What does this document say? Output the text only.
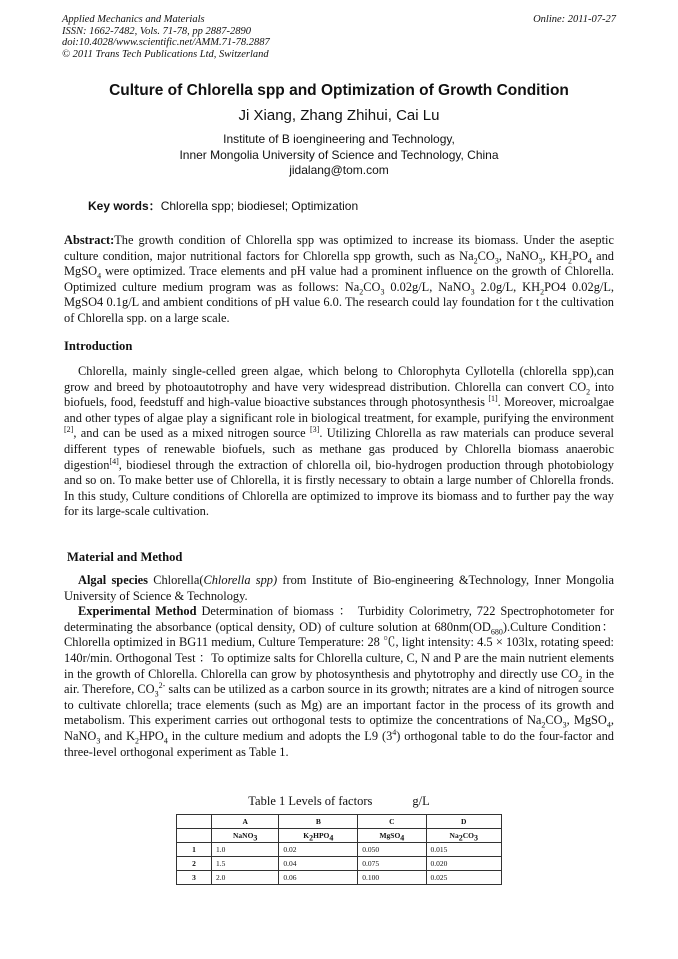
Applied Mechanics and Materials
ISSN: 1662-7482, Vols. 71-78, pp 2887-2890
doi:10.4028/www.scientific.net/AMM.71-78.2887
© 2011 Trans Tech Publications Ltd, Switzerland
Online: 2011-07-27
Culture of Chlorella spp and Optimization of Growth Condition
Ji Xiang, Zhang Zhihui, Cai Lu
Institute of B ioengineering and Technology,
Inner Mongolia University of Science and Technology, China
jidalang@tom.com
Key words：Chlorella spp; biodiesel; Optimization

Abstract:The growth condition of Chlorella spp was optimized to increase its biomass. Under the aseptic culture condition, major nutritional factors for Chlorella spp growth, such as $Na_2CO_3$, NaNO$_3$, $KH_2PO_4$ and MgSO$_4$ were optimized. Trace elements and pH value had a prominent influence on the growth of Chlorella. Optimized culture medium program was as follows: $Na_2CO_3$ 0.02g/L, NaNO$_3$ 2.0g/L, $KH_2PO4$ 0.02g/L, MgSO4 0.1g/L and ambient conditions of pH value 6.0. The research could lay foundation for t the cultivation of Chlorella spp. on a large scale.

Introduction

Chlorella, mainly single-celled green algae, which belong to Chlorophyta Cyllotella (chlorella spp),can grow and breed by photoautotrophy and have very widespread distribution. Chlorella can convert $CO_2$ into biofuels, food, feedstuff and high-value bioactive substances through photosynthesis [1]. Moreover, microalgae and other types of algae play a significant role in biological treatment, for example, purifying the environment [2], and can be used as a mixed nitrogen source [3]. Utilizing Chlorella as raw materials can produce several different types of renewable biofuels, such as methane gas produced by Chlorella biomass anaerobic digestion[4], biodiesel through the extraction of chlorella oil, bio-hydrogen production through photobiology and so on. To make better use of Chlorella, it is firstly necessary to obtain a large number of Chlorella fronds. In this study, Culture conditions of Chlorella are optimized to improve its biomass and to further pay the way for its large-scale cultivation.

Material and Method

Algal species Chlorella(Chlorella spp) from Institute of Bio-engineering &Technology, Inner Mongolia University of Science & Technology.

Experimental Method Determination of biomass ： Turbidity Colorimetry, 722 Spectrophotometer for determinating the absorbance (optical density, OD) of culture solution at $680nm(OD_{680}).Culture$ Condition：Chlorella optimized in BG11 medium, Culture Temperature: 28 ℃, light intensity: 4.5 × 103lx, rotating speed: 140r/min. Orthogonal Test ：To optimize salts for Chlorella culture, C, N and P are the main nutrient elements in the growth of Chlorella. Chlorella can grow by photosynthesis and phytotrophy and directly use $CO_2$ in the air. Therefore, $CO_3^{2-}$ salts can be utilized as a carbon source in its growth; nitrates are a kind of nitrogen source to cultivate chlorella; trace elements (such as Mg) are an important factor in the process of its growth and metabolism. This experiment carries out orthogonal tests to optimize the concentrations of $Na_2CO_3$, MgSO$_4$, NaNO$_3$ and $K_2HPO_4$ in the culture medium and adopts the L9 $(3^4)$ orthogonal table to do the four-factor and three-level orthogonal experiment as Table 1.

Table 1 Levels of factors	g/L
	A	B	C	D
	NaNO$_3$	$K_2HPO_4$	MgSO$_4$	$Na_2CO_3$
1	1.0	0.02	0.050	0.015
2	1.5	0.04	0.075	0.020
3	2.0	0.06	0.100	0.025
